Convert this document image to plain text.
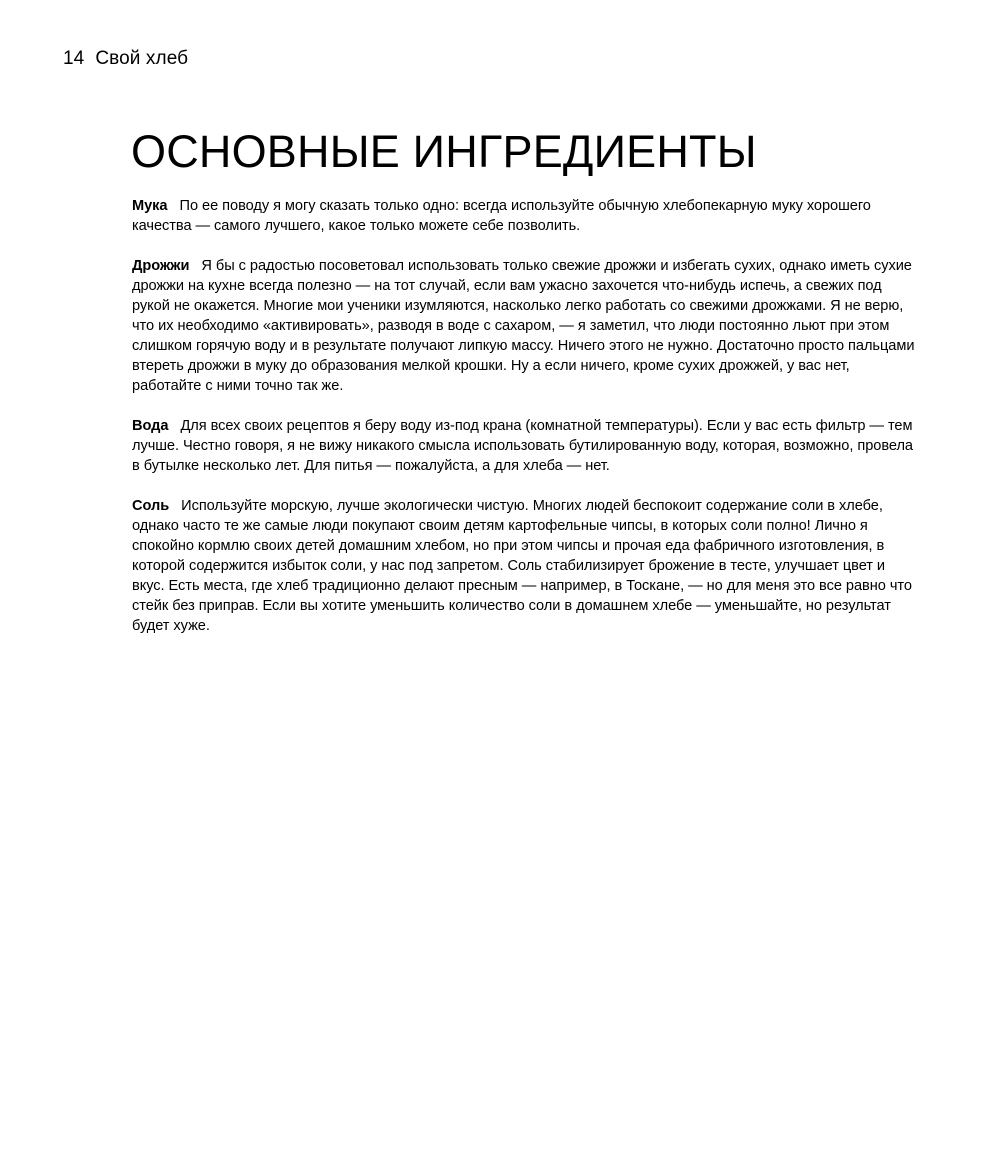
14 Свой хлеб
ОСНОВНЫЕ ИНГРЕДИЕНТЫ

Мука По ее поводу я могу сказать только одно: всегда используйте обычную хлебопекарную муку хорошего качества — самого лучшего, какое только можете себе позволить.

Дрожжи Я бы с радостью посоветовал использовать только свежие дрожжи и избегать сухих, однако иметь сухие дрожжи на кухне всегда полезно — на тот случай, если вам ужасно захочется что-нибудь испечь, а свежих под рукой не окажется. Многие мои ученики изумляются, насколько легко работать со свежими дрожжами. Я не верю, что их необходимо «активировать», разводя в воде с сахаром, — я заметил, что люди постоянно льют при этом слишком горячую воду и в результате получают липкую массу. Ничего этого не нужно. Достаточно просто пальцами втереть дрожжи в муку до образования мелкой крошки. Ну а если ничего, кроме сухих дрожжей, у вас нет, работайте с ними точно так же.

Вода Для всех своих рецептов я беру воду из-под крана (комнатной температуры). Если у вас есть фильтр — тем лучше. Честно говоря, я не вижу никакого смысла использовать бутилированную воду, которая, возможно, провела в бутылке несколько лет. Для питья — пожалуйста, а для хлеба — нет.

Соль Используйте морскую, лучше экологически чистую. Многих людей беспокоит содержание соли в хлебе, однако часто те же самые люди покупают своим детям картофельные чипсы, в которых соли полно! Лично я спокойно кормлю своих детей домашним хлебом, но при этом чипсы и прочая еда фабричного изготовления, в которой содержится избыток соли, у нас под запретом. Соль стабилизирует брожение в тесте, улучшает цвет и вкус. Есть места, где хлеб традиционно делают пресным — например, в Тоскане, — но для меня это все равно что стейк без приправ. Если вы хотите уменьшить количество соли в домашнем хлебе — уменьшайте, но результат будет хуже.
